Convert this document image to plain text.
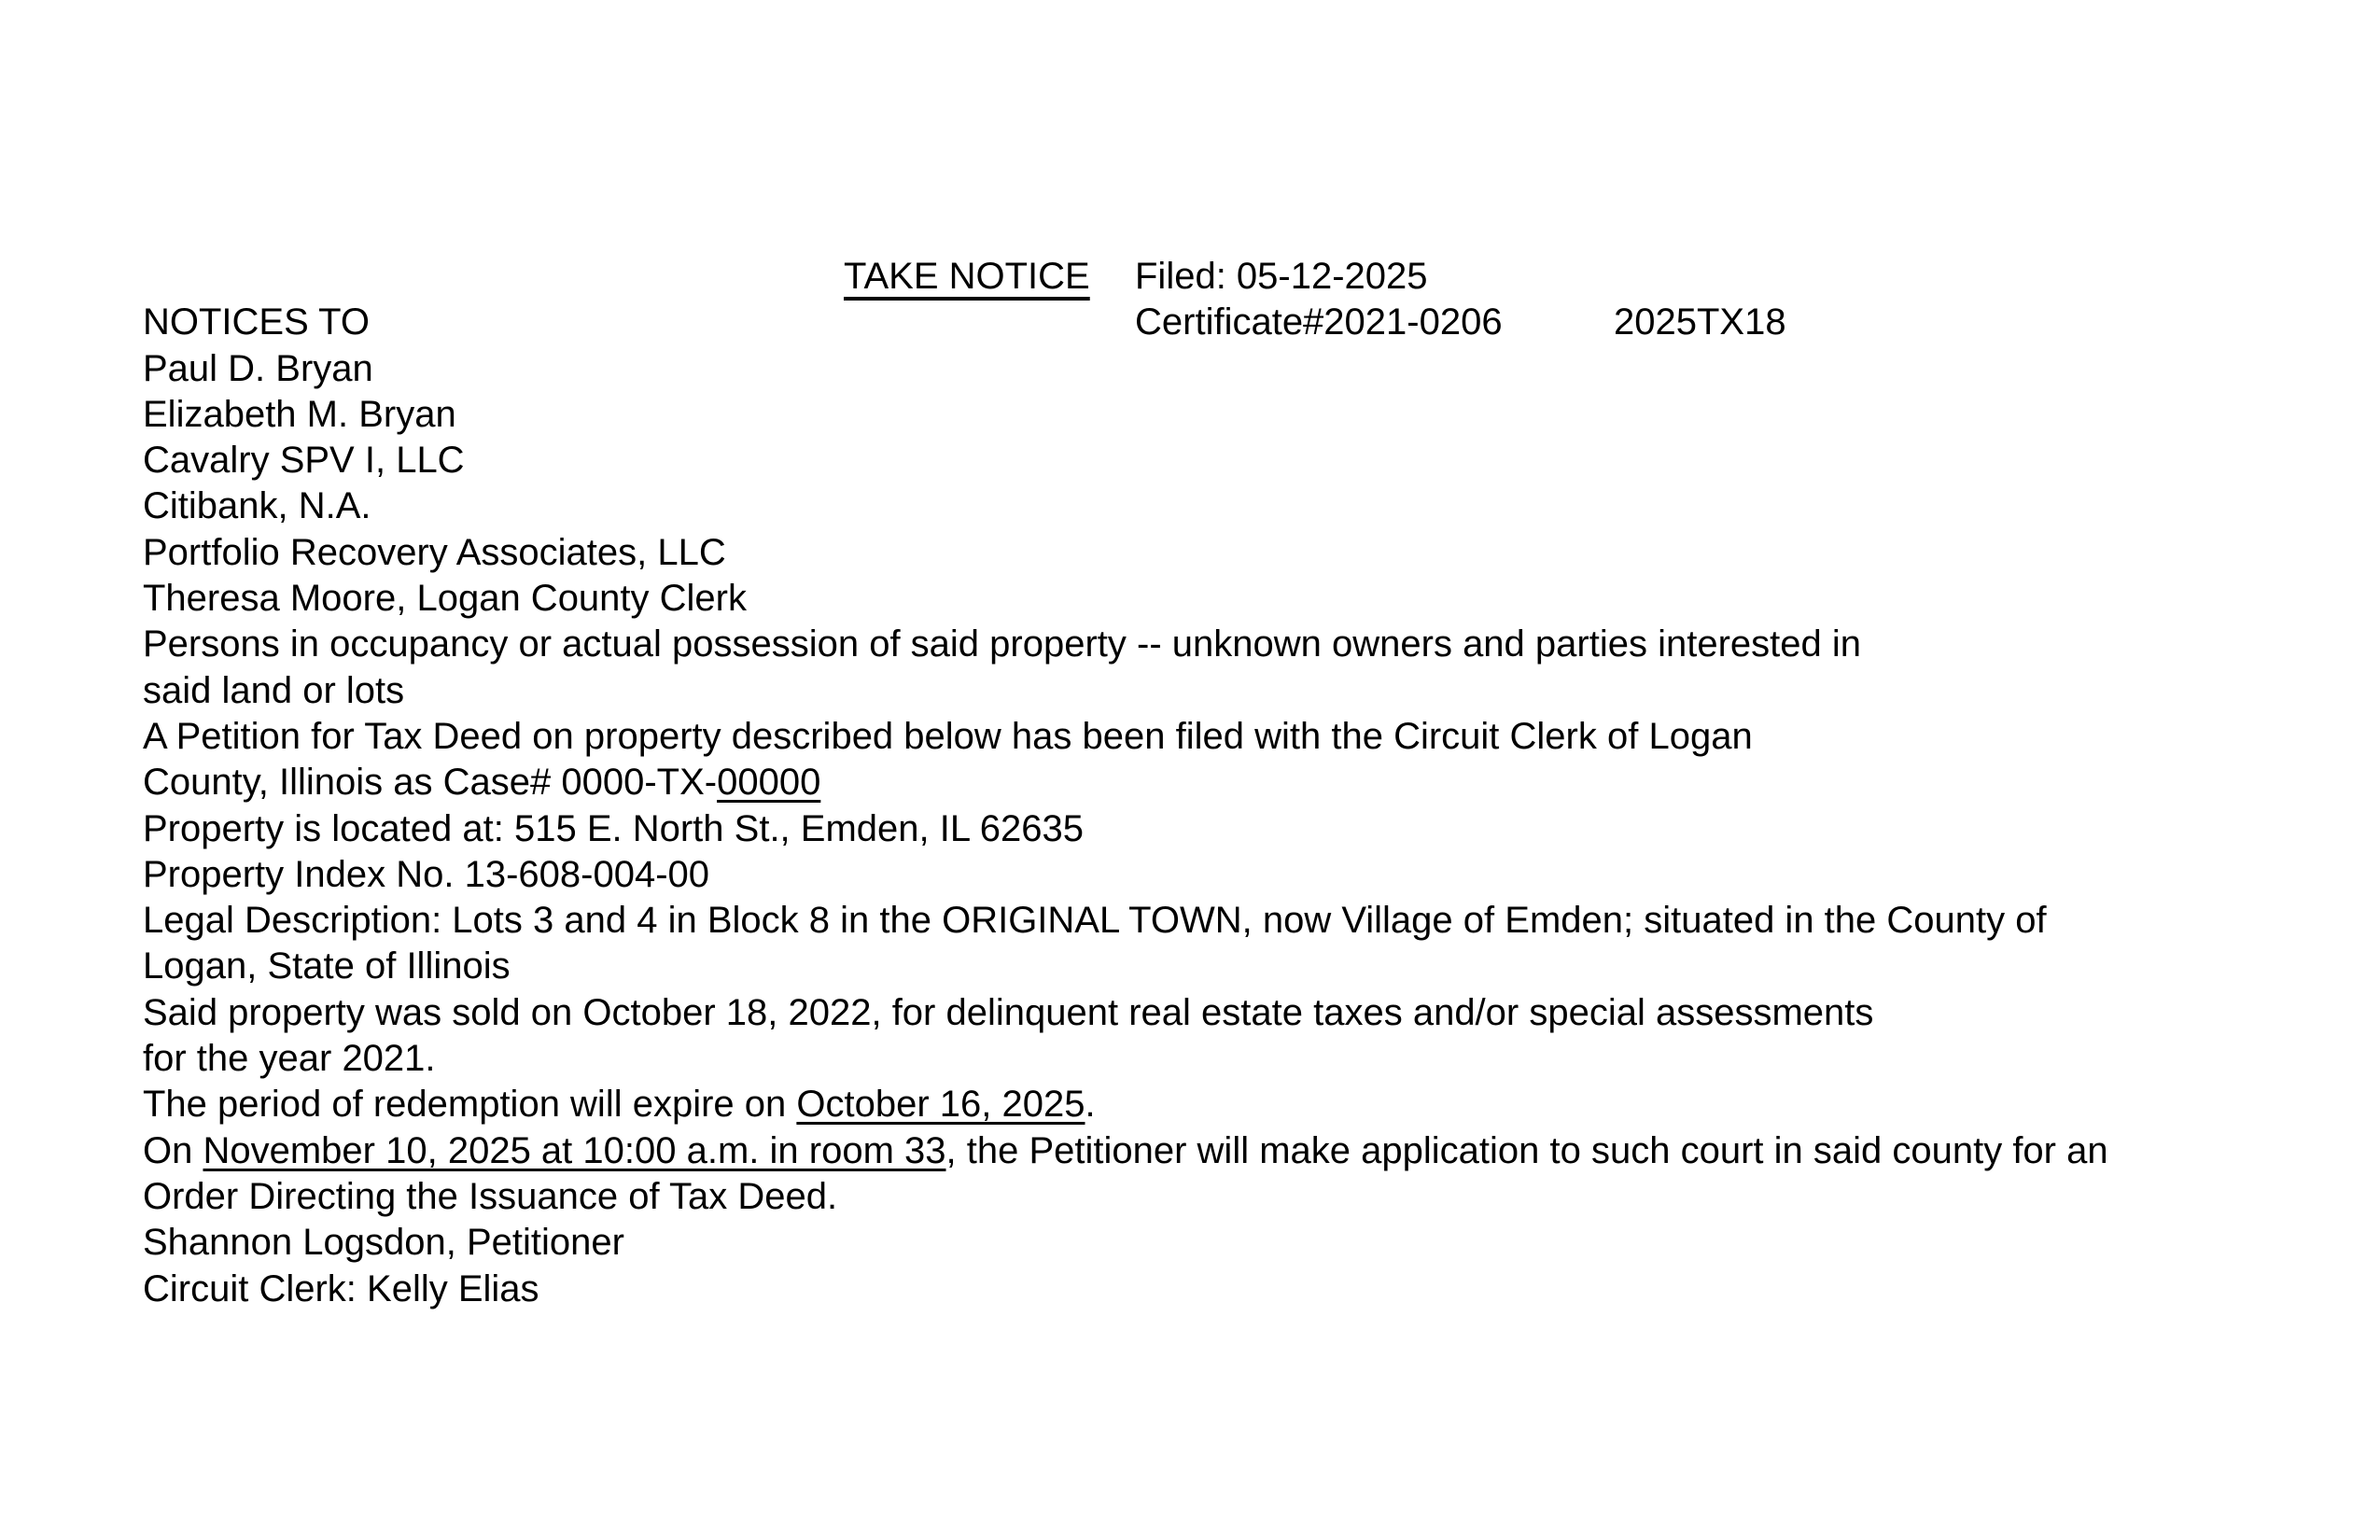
TAKE NOTICE Filed: 05-12-2025
NOTICES TO	Certificate#2021-0206	2025TX18
Paul D. Bryan
Elizabeth M. Bryan
Cavalry SPV I, LLC
Citibank, N.A.
Portfolio Recovery Associates, LLC
Theresa Moore, Logan County Clerk
Persons in occupancy or actual possession of said property -- unknown owners and parties interested in
said land or lots
A Petition for Tax Deed on property described below has been filed with the Circuit Clerk of Logan
County, Illinois as Case# 0000-TX-00000
Property is located at: 515 E. North St., Emden, IL 62635
Property Index No. 13-608-004-00
Legal Description: Lots 3 and 4 in Block 8 in the ORIGINAL TOWN, now Village of Emden; situated in the County of
Logan, State of Illinois
Said property was sold on October 18, 2022, for delinquent real estate taxes and/or special assessments
for the year 2021.
The period of redemption will expire on October 16, 2025.
On November 10, 2025 at 10:00 a.m. in room 33, the Petitioner will make application to such court in said county for an
Order Directing the Issuance of Tax Deed.
Shannon Logsdon, Petitioner
Circuit Clerk: Kelly Elias
